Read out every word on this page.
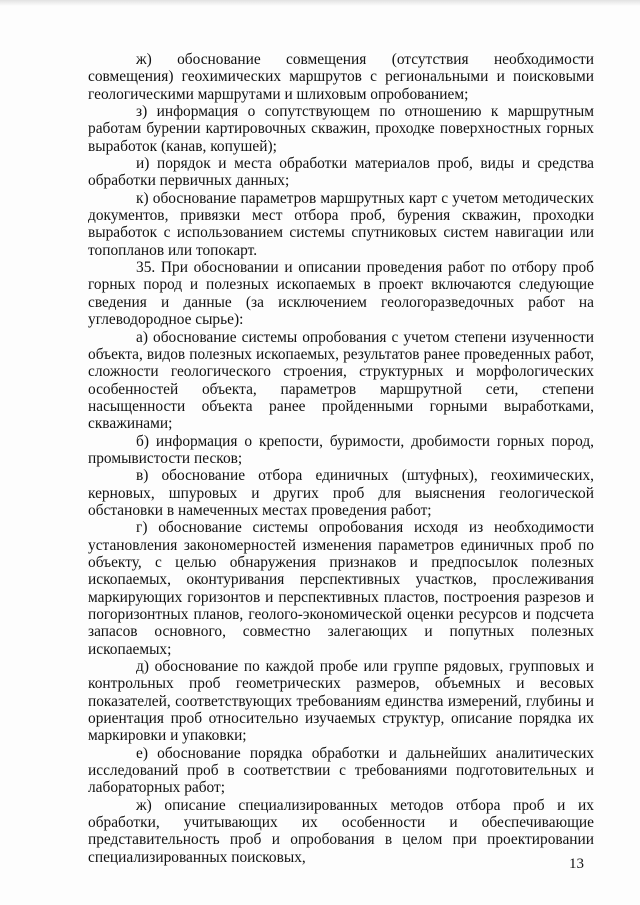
ж) обоснование совмещения (отсутствия необходимости совмещения) геохимических маршрутов с региональными и поисковыми геологическими маршрутами и шлиховым опробованием;

з) информация о сопутствующем по отношению к маршрутным работам бурении картировочных скважин, проходке поверхностных горных выработок (канав, копушей);

и) порядок и места обработки материалов проб, виды и средства обработки первичных данных;

к) обоснование параметров маршрутных карт с учетом методических документов, привязки мест отбора проб, бурения скважин, проходки выработок с использованием системы спутниковых систем навигации или топопланов или топокарт.

35. При обосновании и описании проведения работ по отбору проб горных пород и полезных ископаемых в проект включаются следующие сведения и данные (за исключением геологоразведочных работ на углеводородное сырье):

а) обоснование системы опробования с учетом степени изученности объекта, видов полезных ископаемых, результатов ранее проведенных работ, сложности геологического строения, структурных и морфологических особенностей объекта, параметров маршрутной сети, степени насыщенности объекта ранее пройденными горными выработками, скважинами;

б) информация о крепости, буримости, дробимости горных пород, промывистости песков;

в) обоснование отбора единичных (штуфных), геохимических, керновых, шпуровых и других проб для выяснения геологической обстановки в намеченных местах проведения работ;

г) обоснование системы опробования исходя из необходимости установления закономерностей изменения параметров единичных проб по объекту, с целью обнаружения признаков и предпосылок полезных ископаемых, оконтуривания перспективных участков, прослеживания маркирующих горизонтов и перспективных пластов, построения разрезов и погоризонтных планов, геолого-экономической оценки ресурсов и подсчета запасов основного, совместно залегающих и попутных полезных ископаемых;

д) обоснование по каждой пробе или группе рядовых, групповых и контрольных проб геометрических размеров, объемных и весовых показателей, соответствующих требованиям единства измерений, глубины и ориентация проб относительно изучаемых структур, описание порядка их маркировки и упаковки;

е) обоснование порядка обработки и дальнейших аналитических исследований проб в соответствии с требованиями подготовительных и лабораторных работ;

ж) описание специализированных методов отбора проб и их обработки, учитывающих их особенности и обеспечивающие представительность проб и опробования в целом при проектировании специализированных поисковых,	13
